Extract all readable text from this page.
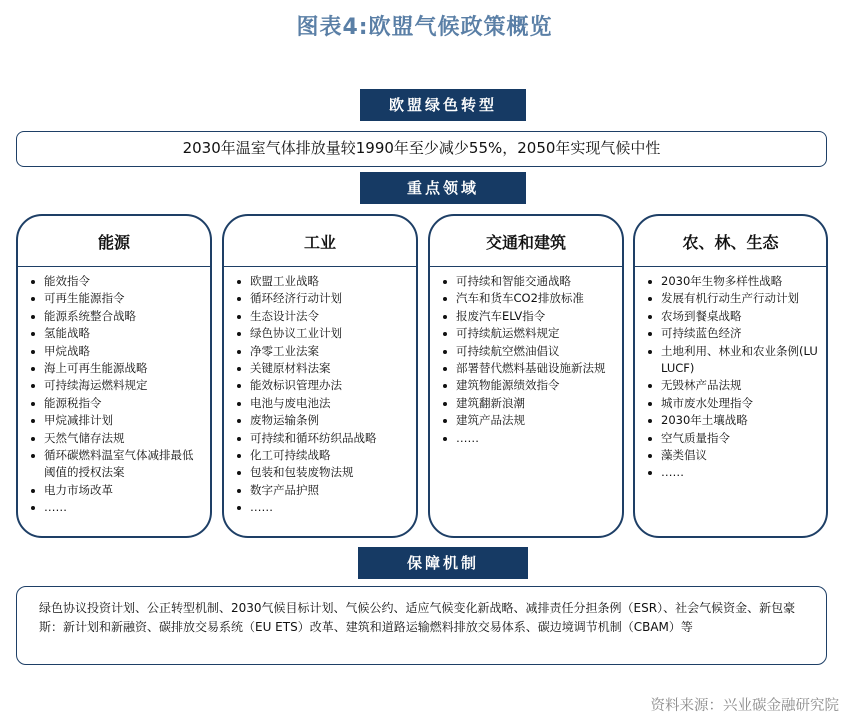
图表4:欧盟气候政策概览
欧盟绿色转型
2030年温室气体排放量较1990年至少减少55%，2050年实现气候中性
重点领域
能源
能效指令
可再生能源指令
能源系统整合战略
氢能战略
甲烷战略
海上可再生能源战略
可持续海运燃料规定
能源税指令
甲烷减排计划
天然气储存法规
循环碳燃料温室气体减排最低阈值的授权法案
电力市场改革
……
工业
欧盟工业战略
循环经济行动计划
生态设计法令
绿色协议工业计划
净零工业法案
关键原材料法案
能效标识管理办法
电池与废电池法
废物运输条例
可持续和循环纺织品战略
化工可持续战略
包装和包装废物法规
数字产品护照
……
交通和建筑
可持续和智能交通战略
汽车和货车CO2排放标准
报废汽车ELV指令
可持续航运燃料规定
可持续航空燃油倡议
部署替代燃料基础设施新法规
建筑物能源绩效指令
建筑翻新浪潮
建筑产品法规
……
农、林、生态
2030年生物多样性战略
发展有机行动生产行动计划
农场到餐桌战略
可持续蓝色经济
土地利用、林业和农业条例(LULUCF)
无毁林产品法规
城市废水处理指令
2030年土壤战略
空气质量指令
藻类倡议
……
保障机制
绿色协议投资计划、公正转型机制、2030气候目标计划、气候公约、适应气候变化新战略、减排责任分担条例（ESR）、社会气候资金、新包豪斯：新计划和新融资、碳排放交易系统（EU ETS）改革、建筑和道路运输燃料排放交易体系、碳边境调节机制（CBAM）等
资料来源：兴业碳金融研究院
